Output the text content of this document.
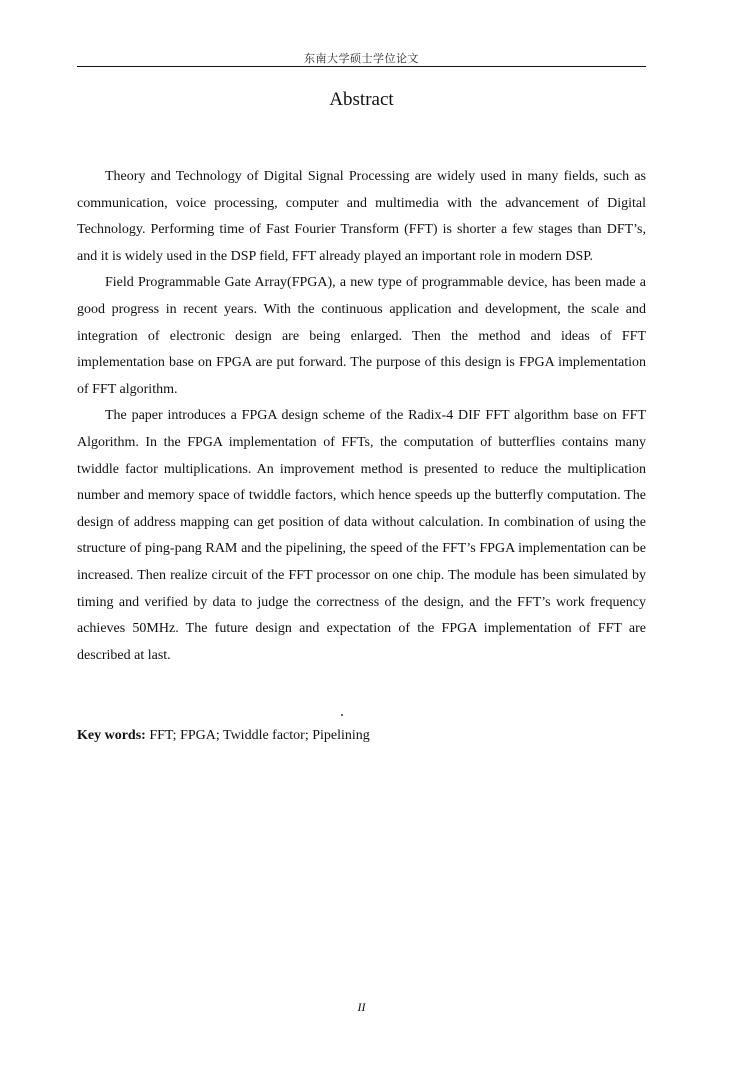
东南大学硕士学位论文
Abstract

Theory and Technology of Digital Signal Processing are widely used in many fields, such as communication, voice processing, computer and multimedia with the advancement of Digital Technology. Performing time of Fast Fourier Transform (FFT) is shorter a few stages than DFT’s, and it is widely used in the DSP field, FFT already played an important role in modern DSP.

Field Programmable Gate Array(FPGA), a new type of programmable device, has been made a good progress in recent years. With the continuous application and development, the scale and integration of electronic design are being enlarged. Then the method and ideas of FFT implementation base on FPGA are put forward. The purpose of this design is FPGA implementation of FFT algorithm.

The paper introduces a FPGA design scheme of the Radix-4 DIF FFT algorithm base on FFT Algorithm. In the FPGA implementation of FFTs, the computation of butterflies contains many twiddle factor multiplications. An improvement method is presented to reduce the multiplication number and memory space of twiddle factors, which hence speeds up the butterfly computation. The design of address mapping can get position of data without calculation. In combination of using the structure of ping-pang RAM and the pipelining, the speed of the FFT’s FPGA implementation can be increased. Then realize circuit of the FFT processor on one chip. The module has been simulated by timing and verified by data to judge the correctness of the design, and the FFT’s work frequency achieves 50MHz. The future design and expectation of the FPGA implementation of FFT are described at last.

Key words: FFT; FPGA; Twiddle factor; Pipelining
II
